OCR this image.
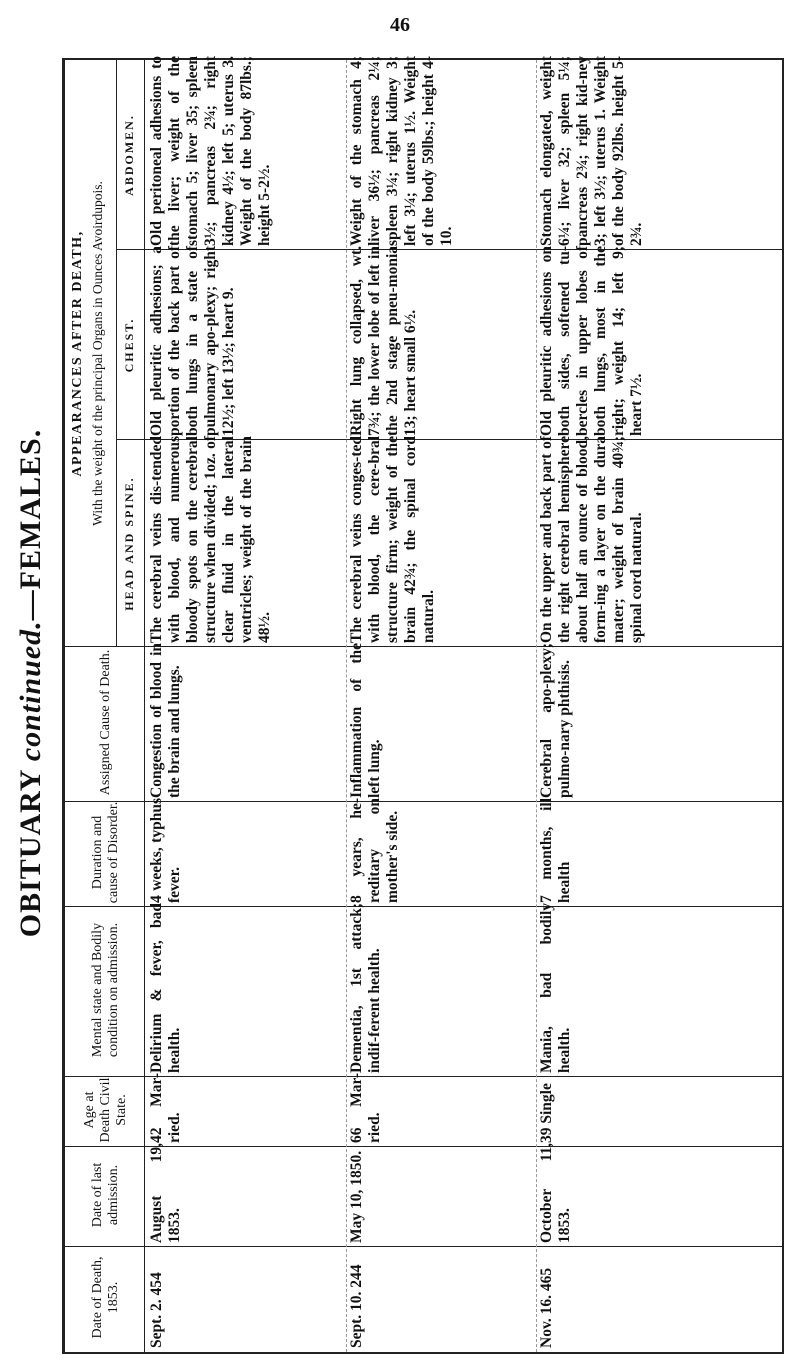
46
OBITUARY continued.—FEMALES.
Date of Death, 1853.
Date of last admission.
Age at Death Civil State.
Mental state and Bodily condition on admission.
Duration and cause of Disorder.
Assigned Cause of Death.
APPEARANCES AFTER DEATH, With the weight of the principal Organs in Ounces Avoirdupois.
HEAD AND SPINE.
CHEST.
ABDOMEN.
Sept. 2. 454
August 19, 1853.
42 Mar-ried.
Delirium & fever, bad health.
4 weeks, typhus fever.
Congestion of blood in the brain and lungs.
The cerebral veins dis-tended with blood, and numerous bloody spots on the cerebral structure when divided; 1oz. of clear fluid in the lateral ventricles; weight of the brain 48½.
Old pleuritic adhesions; a portion of the back part of both lungs in a state of pulmonary apo-plexy; right 12½; left 13½; heart 9.
Old peritoneal adhesions to the liver; weight of the stomach 5; liver 35; spleen 3½; pancreas 2¾; right kidney 4½; left 5; uterus 3. Weight of the body 87lbs.; height 5-2½.
Sept. 10. 244
May 10, 1850.
66 Mar-ried.
Dementia, 1st attack; indif-ferent health.
8 years, he-reditary on mother's side.
Inflammation of the left lung.
The cerebral veins conges-ted with blood, the cere-bral structure firm; weight of the brain 42¾; the spinal cord natural.
Right lung collapsed, wt. 7¾; the lower lobe of left in the 2nd stage pneu-monia 13; heart small 6½.
Weight of the stomach 4; liver 36½; pancreas 2¼; spleen 3¼; right kidney 3; left 3¼; uterus 1½. Weight of the body 59lbs.; height 4-10.
Nov. 16. 465
October 11, 1853.
39 Single
Mania, bad bodily health.
7 months, ill health
Cerebral apo-plexy; pulmo-nary phthisis.
On the upper and back part of the right cerebral hemisphere about half an ounce of blood, form-ing a layer on the dura mater; weight of brain 40¾; spinal cord natural.
Old pleuritic adhesions on both sides, softened tu-bercles in upper lobes of both lungs, most in the right; weight 14; left 9; heart 7½.
Stomach elongated, weight 6¼; liver 32; spleen 5¼; pancreas 2¾; right kid-ney 3; left 3½; uterus 1. Weight of the body 92lbs. height 5-2¾.
